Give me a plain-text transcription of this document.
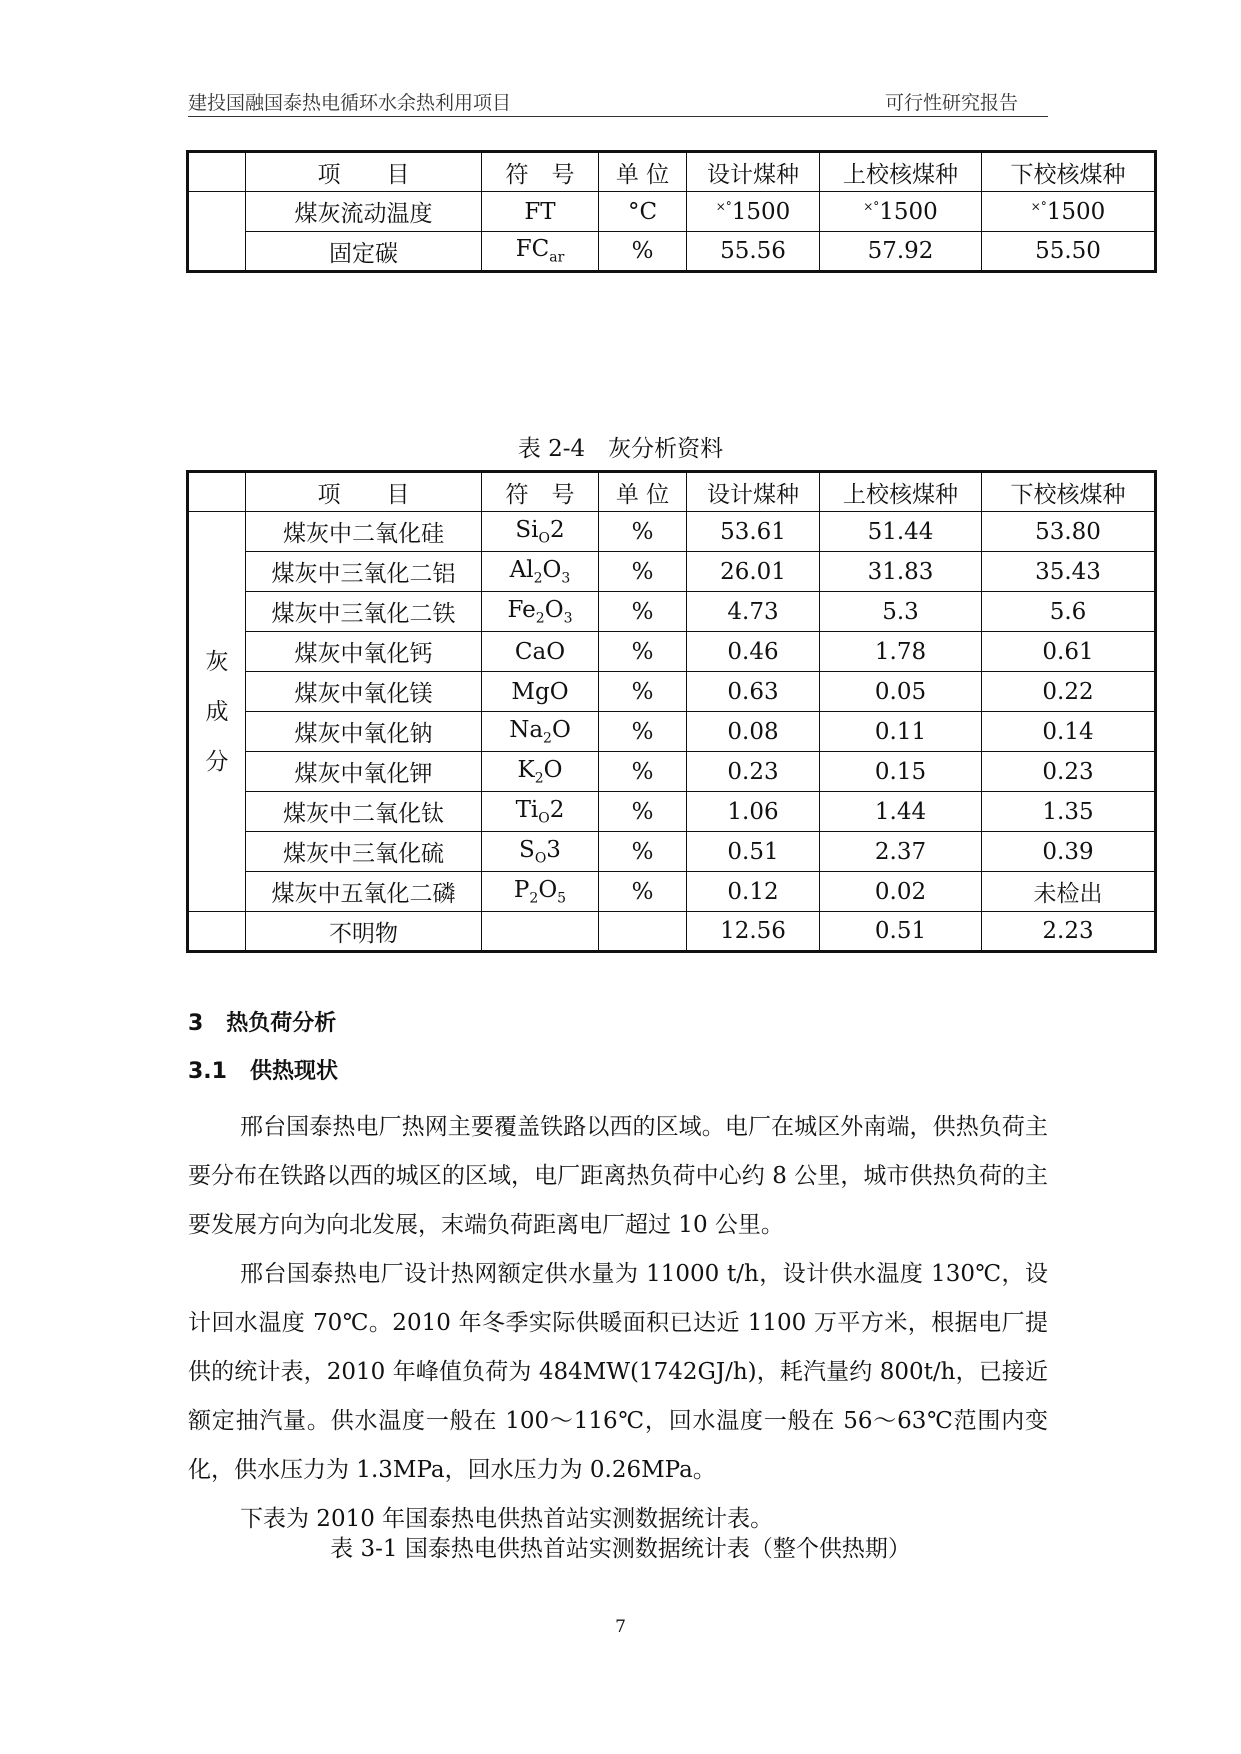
建投国融国泰热电循环水余热利用项目	可行性研究报告
	项　　目	符　号	单 位	设计煤种	上校核煤种	下校核煤种
	煤灰流动温度	FT	°C	×°1500	×°1500	×°1500
	固定碳	$FC_{ar}$	%	55.56	57.92	55.50
表 2-4　灰分析资料
	项　　目	符　号	单 位	设计煤种	上校核煤种	下校核煤种

灰
成
分	煤灰中二氧化硅	$Si_O2$	%	53.61	51.44	53.80
	煤灰中三氧化二铝	$Al_2O_3$	%	26.01	31.83	35.43
	煤灰中三氧化二铁	$Fe_2O_3$	%	4.73	5.3	5.6
	煤灰中氧化钙	CaO	%	0.46	1.78	0.61
	煤灰中氧化镁	MgO	%	0.63	0.05	0.22
	煤灰中氧化钠	$Na_2O$	%	0.08	0.11	0.14
	煤灰中氧化钾	$K_2O$	%	0.23	0.15	0.23
	煤灰中二氧化钛	$Ti_O2$	%	1.06	1.44	1.35
	煤灰中三氧化硫	$S_O3$	%	0.51	2.37	0.39
	煤灰中五氧化二磷	$P_2O_5$	%	0.12	0.02	未检出
	不明物			12.56	0.51	2.23
3 热负荷分析
3.1 供热现状

邢台国泰热电厂热网主要覆盖铁路以西的区域。电厂在城区外南端，供热负荷主要分布在铁路以西的城区的区域，电厂距离热负荷中心约 8 公里，城市供热负荷的主要发展方向为向北发展，末端负荷距离电厂超过 10 公里。

邢台国泰热电厂设计热网额定供水量为 11000 t/h，设计供水温度 130℃，设计回水温度 70℃。2010 年冬季实际供暖面积已达近 1100 万平方米，根据电厂提供的统计表，2010 年峰值负荷为 484MW(1742GJ/h)，耗汽量约 800t/h，已接近额定抽汽量。供水温度一般在 100～116℃，回水温度一般在 56～63℃范围内变化，供水压力为 1.3MPa，回水压力为 0.26MPa。

下表为 2010 年国泰热电供热首站实测数据统计表。

表 3-1 国泰热电供热首站实测数据统计表（整个供热期）
7
